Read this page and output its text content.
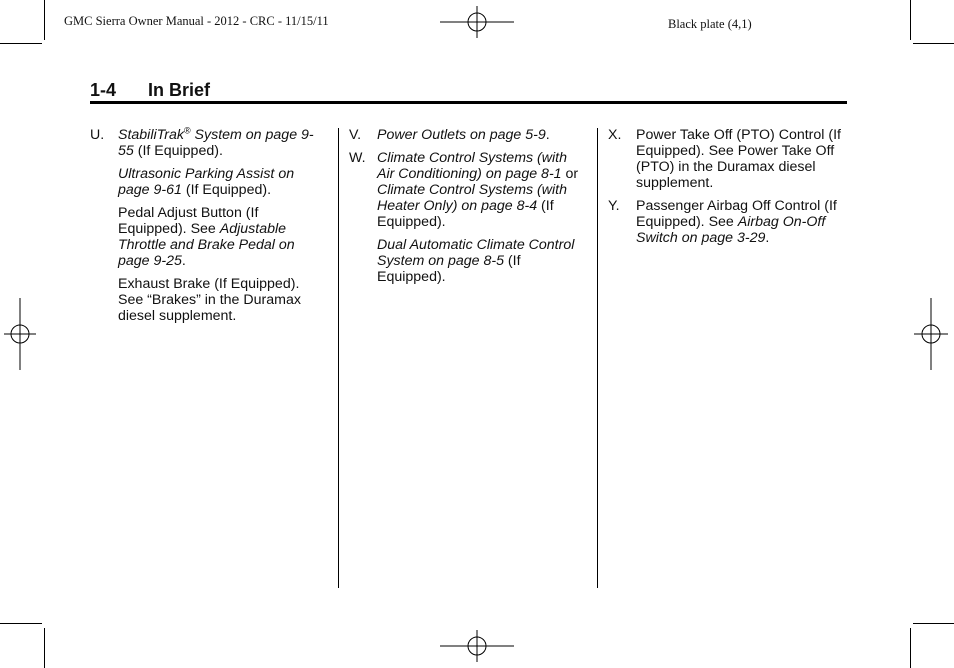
GMC Sierra Owner Manual - 2012 - CRC - 11/15/11	Black plate (4,1)
1-4 In Brief
U. StabiliTrak® System on page 9-55 (If Equipped).
Ultrasonic Parking Assist on page 9-61 (If Equipped).
Pedal Adjust Button (If Equipped). See Adjustable Throttle and Brake Pedal on page 9-25.
Exhaust Brake (If Equipped). See “Brakes” in the Duramax diesel supplement.
V. Power Outlets on page 5-9.
W. Climate Control Systems (with Air Conditioning) on page 8-1 or Climate Control Systems (with Heater Only) on page 8-4 (If Equipped).
Dual Automatic Climate Control System on page 8-5 (If Equipped).
X. Power Take Off (PTO) Control (If Equipped). See Power Take Off (PTO) in the Duramax diesel supplement.
Y. Passenger Airbag Off Control (If Equipped). See Airbag On-Off Switch on page 3-29.
